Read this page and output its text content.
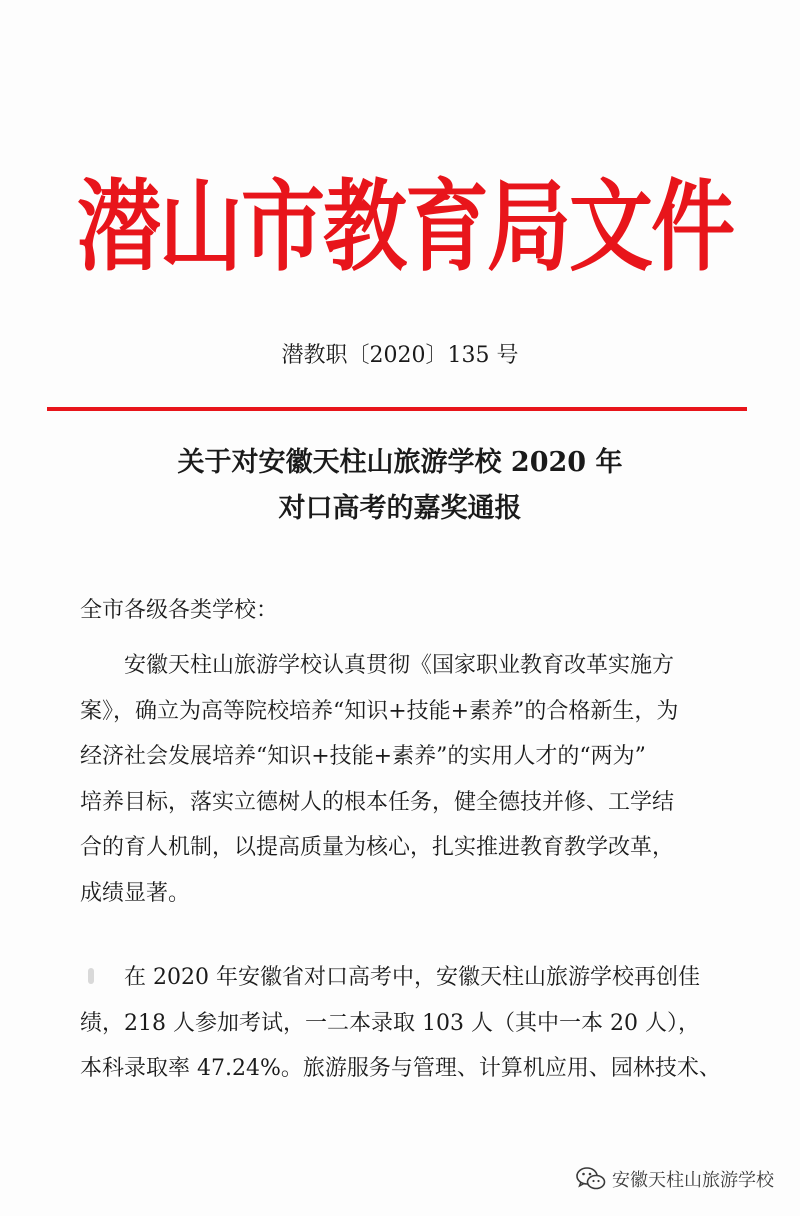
潜山市教育局文件
潜教职〔2020〕135 号
关于对安徽天柱山旅游学校 2020 年
对口高考的嘉奖通报
全市各级各类学校：
安徽天柱山旅游学校认真贯彻《国家职业教育改革实施方
案》，确立为高等院校培养“知识+技能+素养”的合格新生，为
经济社会发展培养“知识+技能+素养”的实用人才的“两为”
培养目标，落实立德树人的根本任务，健全德技并修、工学结
合的育人机制，以提高质量为核心，扎实推进教育教学改革，
成绩显著。
在 2020 年安徽省对口高考中，安徽天柱山旅游学校再创佳
绩，218 人参加考试，一二本录取 103 人（其中一本 20 人），
本科录取率 47.24%。旅游服务与管理、计算机应用、园林技术、
安徽天柱山旅游学校
